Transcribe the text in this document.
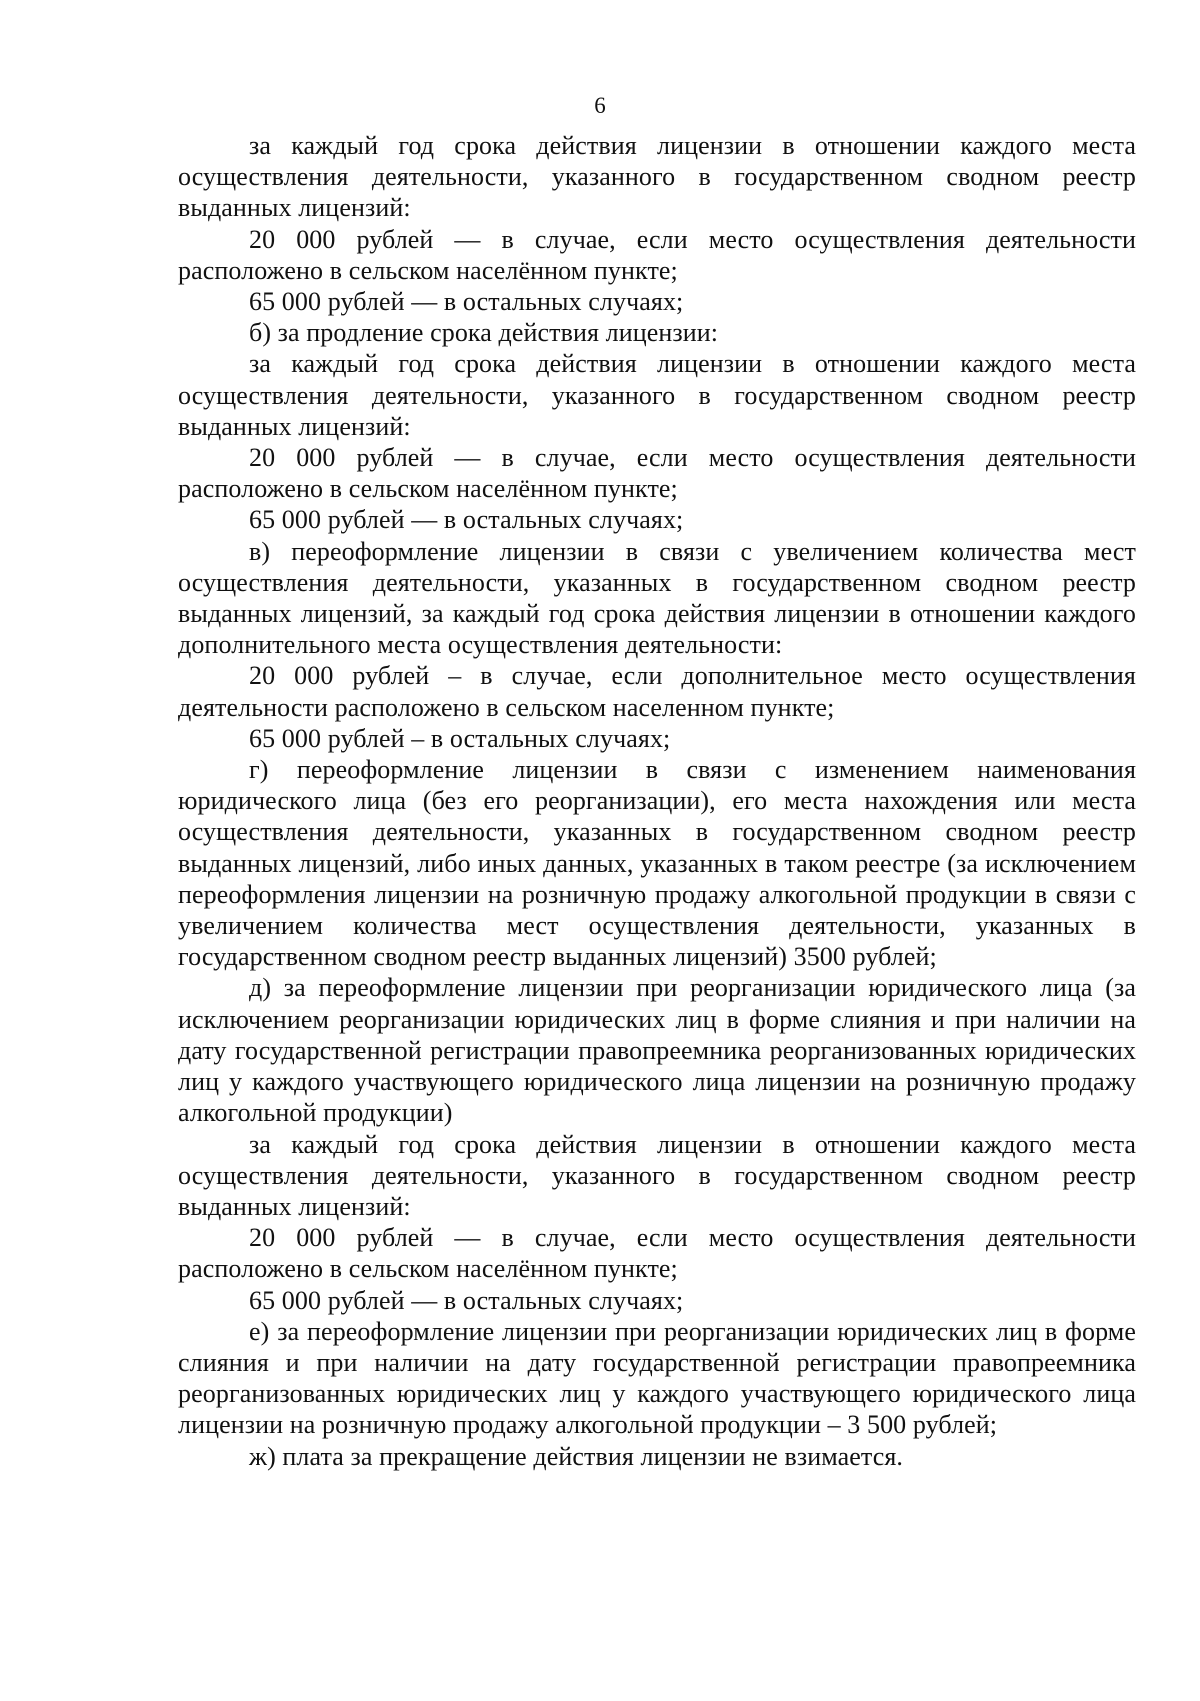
6

за каждый год срока действия лицензии в отношении каждого места осуществления деятельности, указанного в государственном сводном реестр выданных лицензий:

20 000 рублей — в случае, если место осуществления деятельности расположено в сельском населённом пункте;

65 000 рублей — в остальных случаях;

б) за продление срока действия лицензии:

за каждый год срока действия лицензии в отношении каждого места осуществления деятельности, указанного в государственном сводном реестр выданных лицензий:

20 000 рублей — в случае, если место осуществления деятельности расположено в сельском населённом пункте;

65 000 рублей — в остальных случаях;

в) переоформление лицензии в связи с увеличением количества мест осуществления деятельности, указанных в государственном сводном реестр выданных лицензий, за каждый год срока действия лицензии в отношении каждого дополнительного места осуществления деятельности:

20 000 рублей – в случае, если дополнительное место осуществления деятельности расположено в сельском населенном пункте;

65 000 рублей – в остальных случаях;

г) переоформление лицензии в связи с изменением наименования юридического лица (без его реорганизации), его места нахождения или места осуществления деятельности, указанных в государственном сводном реестр выданных лицензий, либо иных данных, указанных в таком реестре (за исключением переоформления лицензии на розничную продажу алкогольной продукции в связи с увеличением количества мест осуществления деятельности, указанных в государственном сводном реестр выданных лицензий) 3500 рублей;

д) за переоформление лицензии при реорганизации юридического лица (за исключением реорганизации юридических лиц в форме слияния и при наличии на дату государственной регистрации правопреемника реорганизованных юридических лиц у каждого участвующего юридического лица лицензии на розничную продажу алкогольной продукции)

за каждый год срока действия лицензии в отношении каждого места осуществления деятельности, указанного в государственном сводном реестр выданных лицензий:

20 000 рублей — в случае, если место осуществления деятельности расположено в сельском населённом пункте;

65 000 рублей — в остальных случаях;

е) за переоформление лицензии при реорганизации юридических лиц в форме слияния и при наличии на дату государственной регистрации правопреемника реорганизованных юридических лиц у каждого участвующего юридического лица лицензии на розничную продажу алкогольной продукции – 3 500 рублей;

ж) плата за прекращение действия лицензии не взимается.
